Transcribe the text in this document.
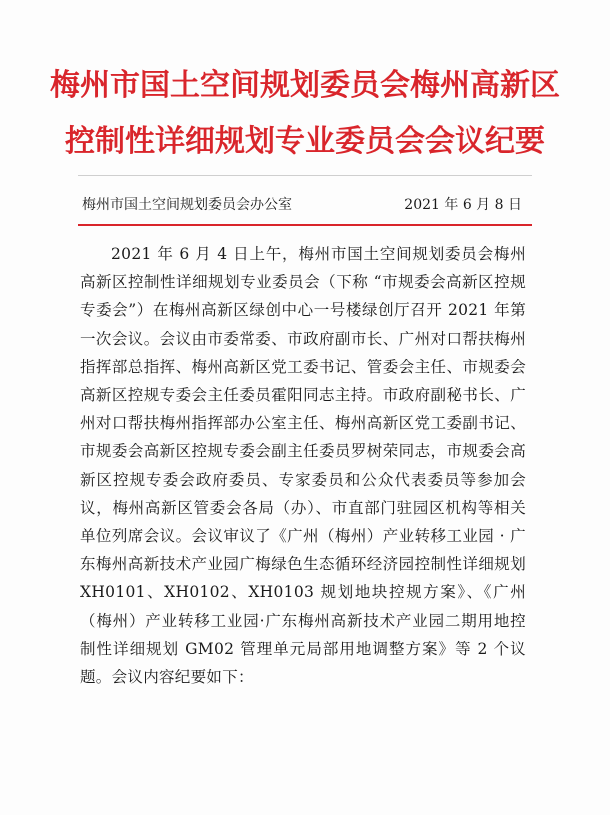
梅州市国土空间规划委员会梅州高新区
控制性详细规划专业委员会会议纪要
梅州市国土空间规划委员会办公室	2021 年 6 月 8 日

2021 年 6 月 4 日上午，梅州市国土空间规划委员会梅州高新区控制性详细规划专业委员会（下称 “市规委会高新区控规专委会”）在梅州高新区绿创中心一号楼绿创厅召开 2021 年第一次会议。会议由市委常委、市政府副市长、广州对口帮扶梅州指挥部总指挥、梅州高新区党工委书记、管委会主任、市规委会高新区控规专委会主任委员霍阳同志主持。市政府副秘书长、广州对口帮扶梅州指挥部办公室主任、梅州高新区党工委副书记、市规委会高新区控规专委会副主任委员罗树荣同志，市规委会高新区控规专委会政府委员、专家委员和公众代表委员等参加会议，梅州高新区管委会各局（办）、市直部门驻园区机构等相关单位列席会议。会议审议了《广州（梅州）产业转移工业园 · 广东梅州高新技术产业园广梅绿色生态循环经济园控制性详细规划 XH0101、XH0102、XH0103 规划地块控规方案》、《广州（梅州）产业转移工业园·广东梅州高新技术产业园二期用地控制性详细规划 GM02 管理单元局部用地调整方案》等 2 个议题。会议内容纪要如下：
